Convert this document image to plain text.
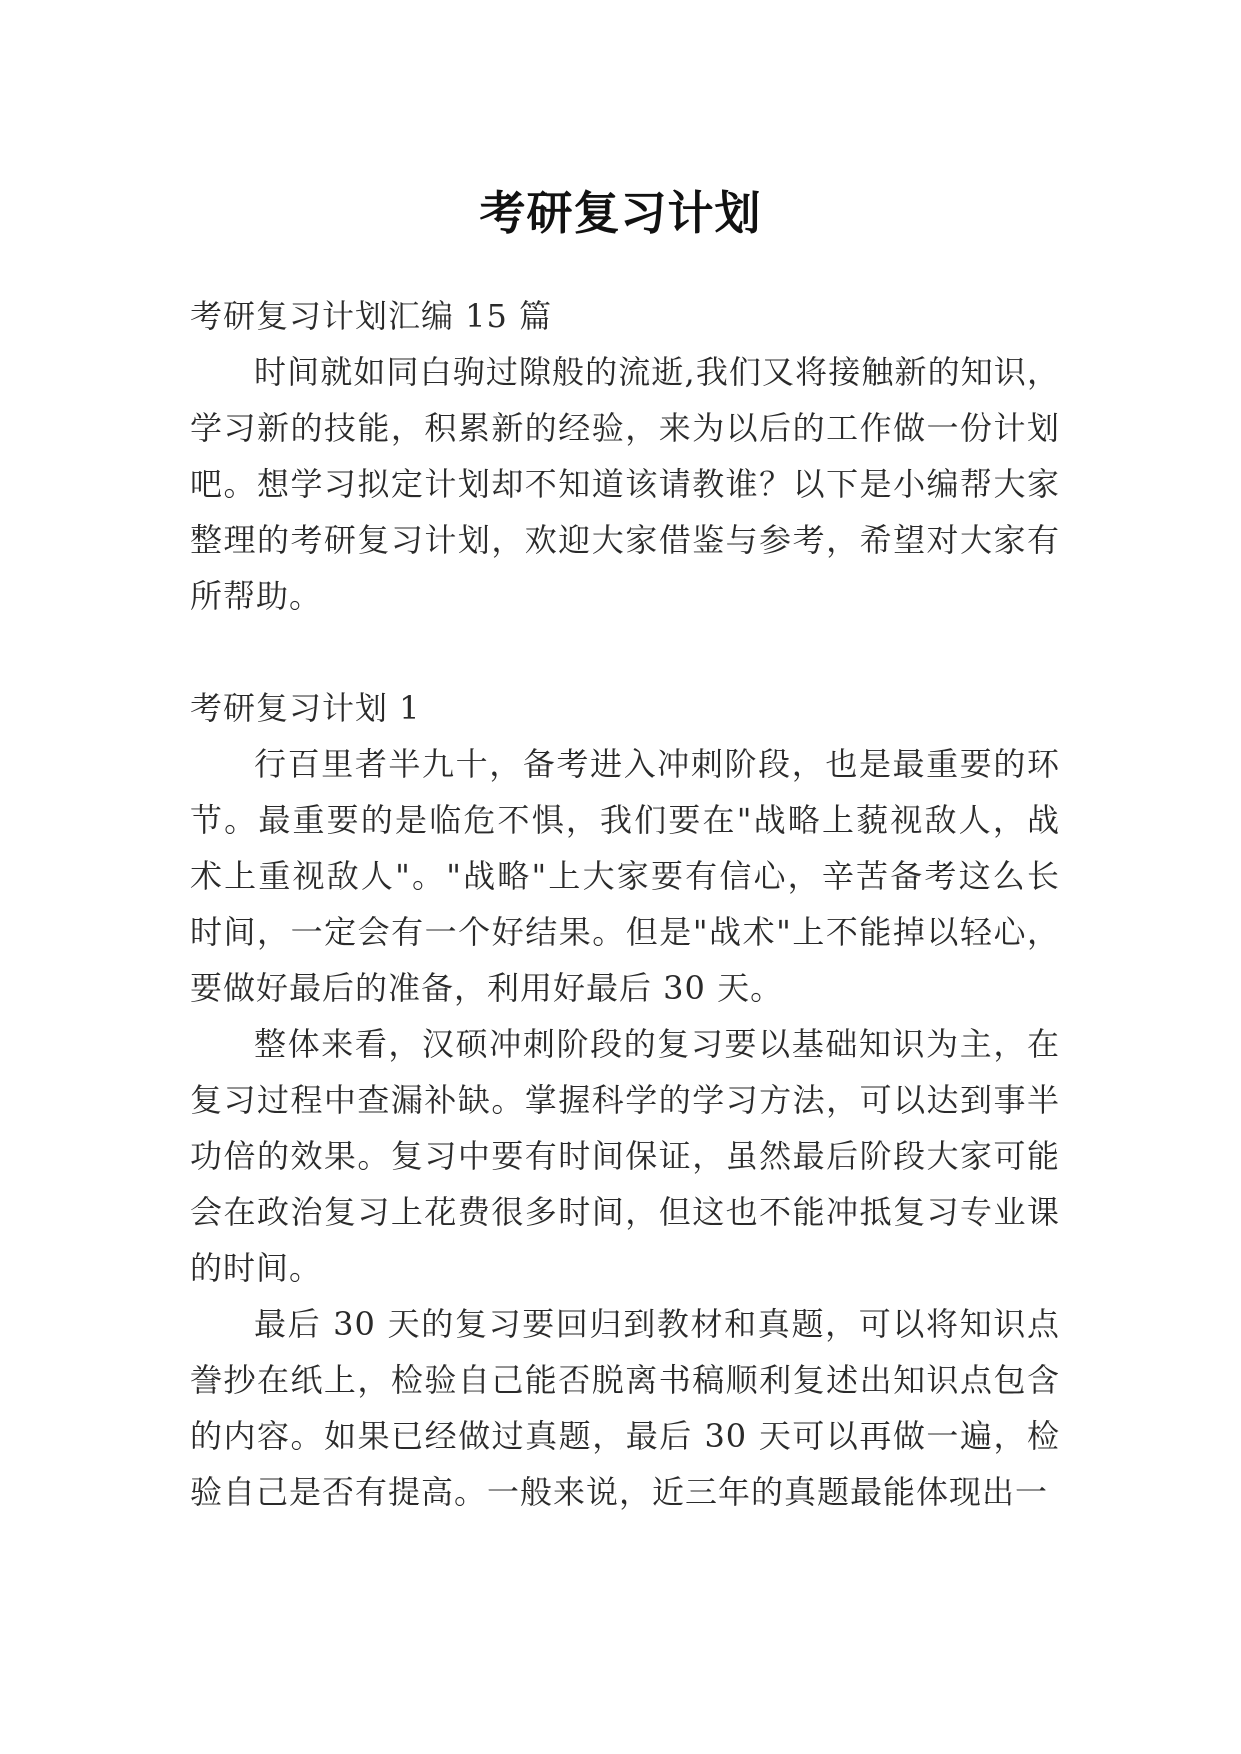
考研复习计划

考研复习计划汇编 15 篇

时间就如同白驹过隙般的流逝,我们又将接触新的知识，学习新的技能，积累新的经验，来为以后的工作做一份计划吧。想学习拟定计划却不知道该请教谁？以下是小编帮大家整理的考研复习计划，欢迎大家借鉴与参考，希望对大家有所帮助。

考研复习计划 1

行百里者半九十，备考进入冲刺阶段，也是最重要的环节。最重要的是临危不惧，我们要在"战略上藐视敌人，战术上重视敌人"。"战略"上大家要有信心，辛苦备考这么长时间，一定会有一个好结果。但是"战术"上不能掉以轻心，要做好最后的准备，利用好最后 30 天。

整体来看，汉硕冲刺阶段的复习要以基础知识为主，在复习过程中查漏补缺。掌握科学的学习方法，可以达到事半功倍的效果。复习中要有时间保证，虽然最后阶段大家可能会在政治复习上花费很多时间，但这也不能冲抵复习专业课的时间。

最后 30 天的复习要回归到教材和真题，可以将知识点誊抄在纸上，检验自己能否脱离书稿顺利复述出知识点包含的内容。如果已经做过真题，最后 30 天可以再做一遍，检验自己是否有提高。一般来说，近三年的真题最能体现出一
